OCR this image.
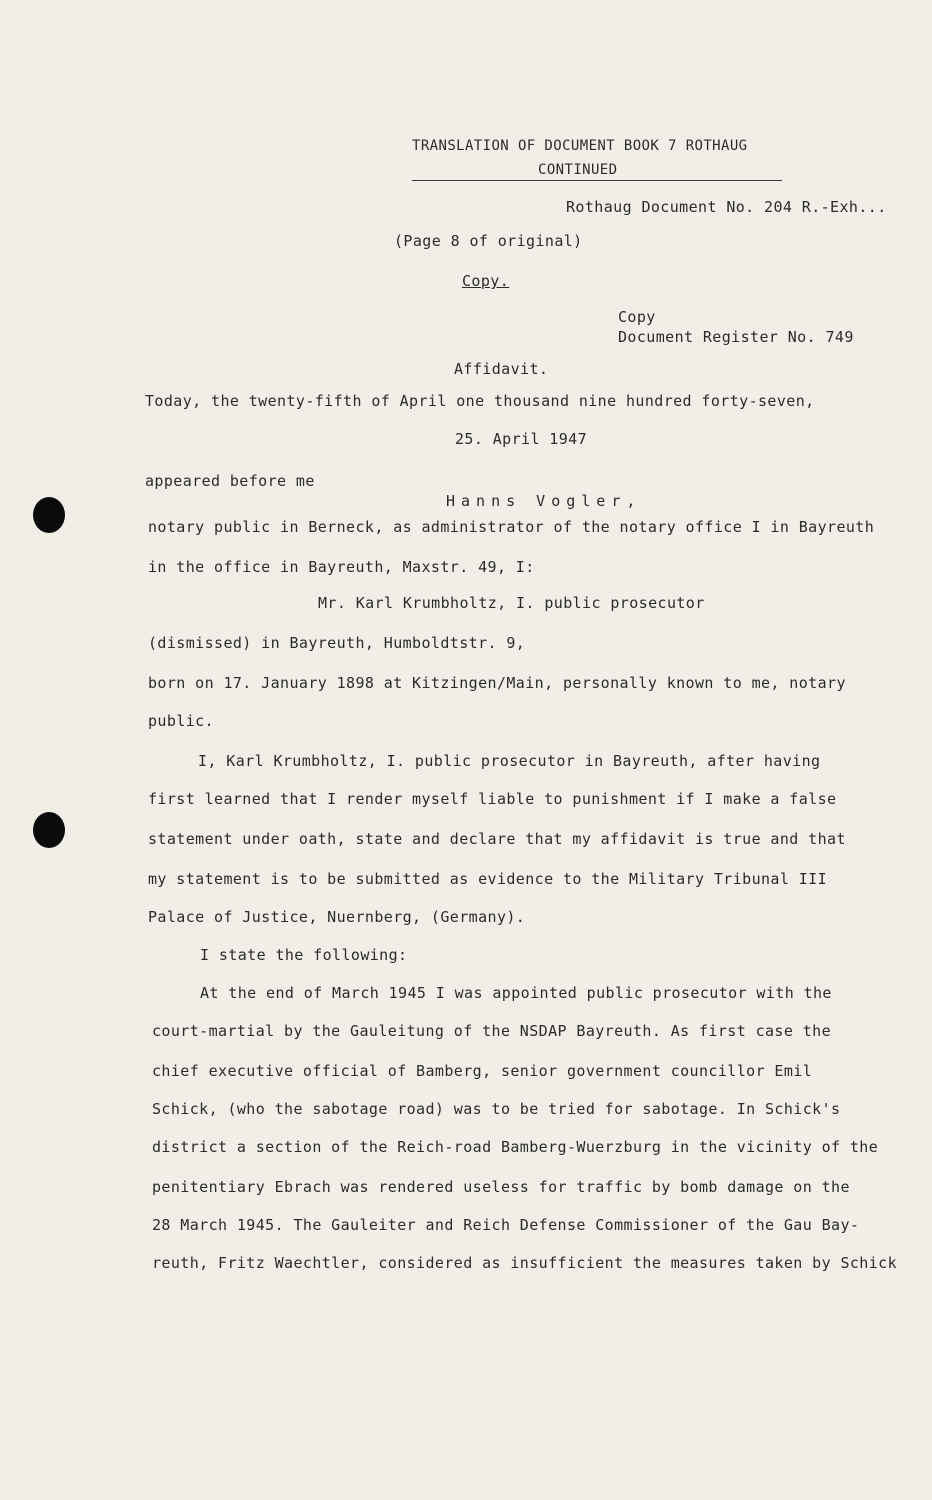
TRANSLATION OF DOCUMENT BOOK 7 ROTHAUG
CONTINUED
Rothaug Document No. 204 R.-Exh...
(Page 8 of original)
Copy.
Copy
Document Register No. 749
Affidavit.
Today, the twenty-fifth of April one thousand nine hundred forty-seven,
25. April 1947
appeared before me
Hanns Vogler,
notary public in Berneck, as administrator of the notary office I in Bayreuth
in the office in Bayreuth, Maxstr. 49, I:
Mr. Karl Krumbholtz, I. public prosecutor
(dismissed) in Bayreuth, Humboldtstr. 9,
born on 17. January 1898 at Kitzingen/Main, personally known to me, notary
public.
I, Karl Krumbholtz, I. public prosecutor in Bayreuth, after having
first learned that I render myself liable to punishment if I make a false
statement under oath, state and declare that my affidavit is true and that
my statement is to be submitted as evidence to the Military Tribunal III
Palace of Justice, Nuernberg, (Germany).
I state the following:
At the end of March 1945 I was appointed public prosecutor with the
court-martial by the Gauleitung of the NSDAP Bayreuth. As first case the
chief executive official of Bamberg, senior government councillor Emil
Schick, (who the sabotage road) was to be tried for sabotage. In Schick's
district a section of the Reich-road Bamberg-Wuerzburg in the vicinity of the
penitentiary Ebrach was rendered useless for traffic by bomb damage on the
28 March 1945. The Gauleiter and Reich Defense Commissioner of the Gau Bay-
reuth, Fritz Waechtler, considered as insufficient the measures taken by Schick
